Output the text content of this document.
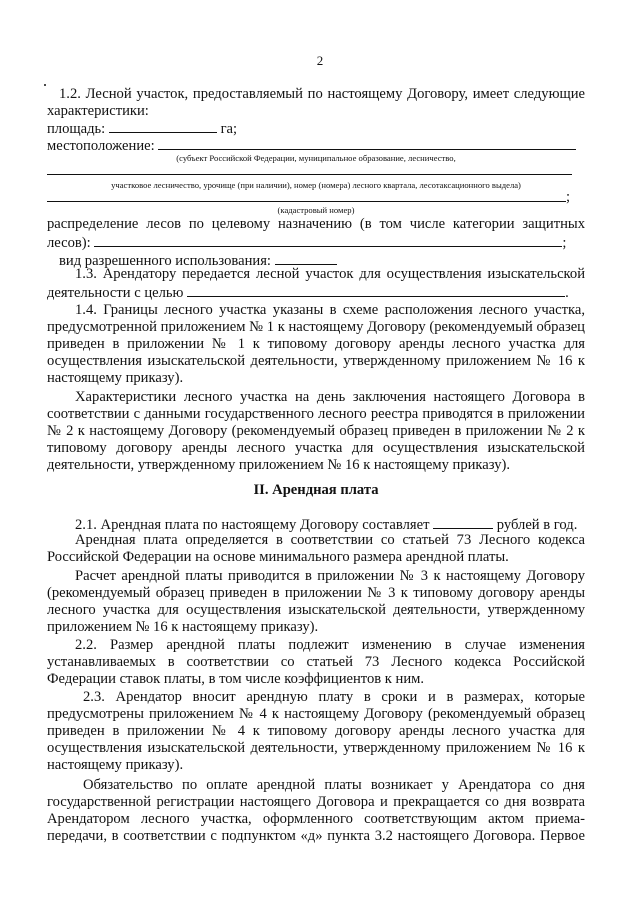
2
1.2. Лесной участок, предоставляемый по настоящему Договору, имеет следующие
характеристики:
площадь:	га;
местоположение:
(субъект Российской Федерации, муниципальное образование, лесничество,
участковое лесничество, урочище (при наличии), номер (номера) лесного квартала, лесотаксационного выдела)
;
(кадастровый номер)
распределение лесов по целевому назначению (в том числе категории защитных
лесов):	;
вид разрешенного использования:
1.3. Арендатору передается лесной участок для осуществления изыскательской
деятельности с целью	.
1.4. Границы лесного участка указаны в схеме расположения лесного участка,
предусмотренной приложением № 1 к настоящему Договору (рекомендуемый образец
приведен в приложении № 1 к типовому договору аренды лесного участка для
осуществления изыскательской деятельности, утвержденному приложением № 16 к
настоящему приказу).
Характеристики лесного участка на день заключения настоящего Договора в
соответствии с данными государственного лесного реестра приводятся в приложении
№ 2 к настоящему Договору (рекомендуемый образец приведен в приложении № 2 к
типовому договору аренды лесного участка для осуществления изыскательской
деятельности, утвержденному приложением № 16 к настоящему приказу).
II. Арендная плата
2.1. Арендная плата по настоящему Договору составляет	рублей в год.
Арендная плата определяется в соответствии со статьей 73 Лесного кодекса
Российской Федерации на основе минимального размера арендной платы.
Расчет арендной платы приводится в приложении № 3 к настоящему Договору
(рекомендуемый образец приведен в приложении № 3 к типовому договору аренды
лесного участка для осуществления изыскательской деятельности, утвержденному
приложением № 16 к настоящему приказу).
2.2. Размер арендной платы подлежит изменению в случае изменения
устанавливаемых в соответствии со статьей 73 Лесного кодекса Российской
Федерации ставок платы, в том числе коэффициентов к ним.
2.3. Арендатор вносит арендную плату в сроки и в размерах, которые
предусмотрены приложением № 4 к настоящему Договору (рекомендуемый образец
приведен в приложении № 4 к типовому договору аренды лесного участка для
осуществления изыскательской деятельности, утвержденному приложением № 16 к
настоящему приказу).
Обязательство по оплате арендной платы возникает у Арендатора со дня
государственной регистрации настоящего Договора и прекращается со дня возврата
Арендатором лесного участка, оформленного соответствующим актом приема-
передачи, в соответствии с подпунктом «д» пункта 3.2 настоящего Договора. Первое
